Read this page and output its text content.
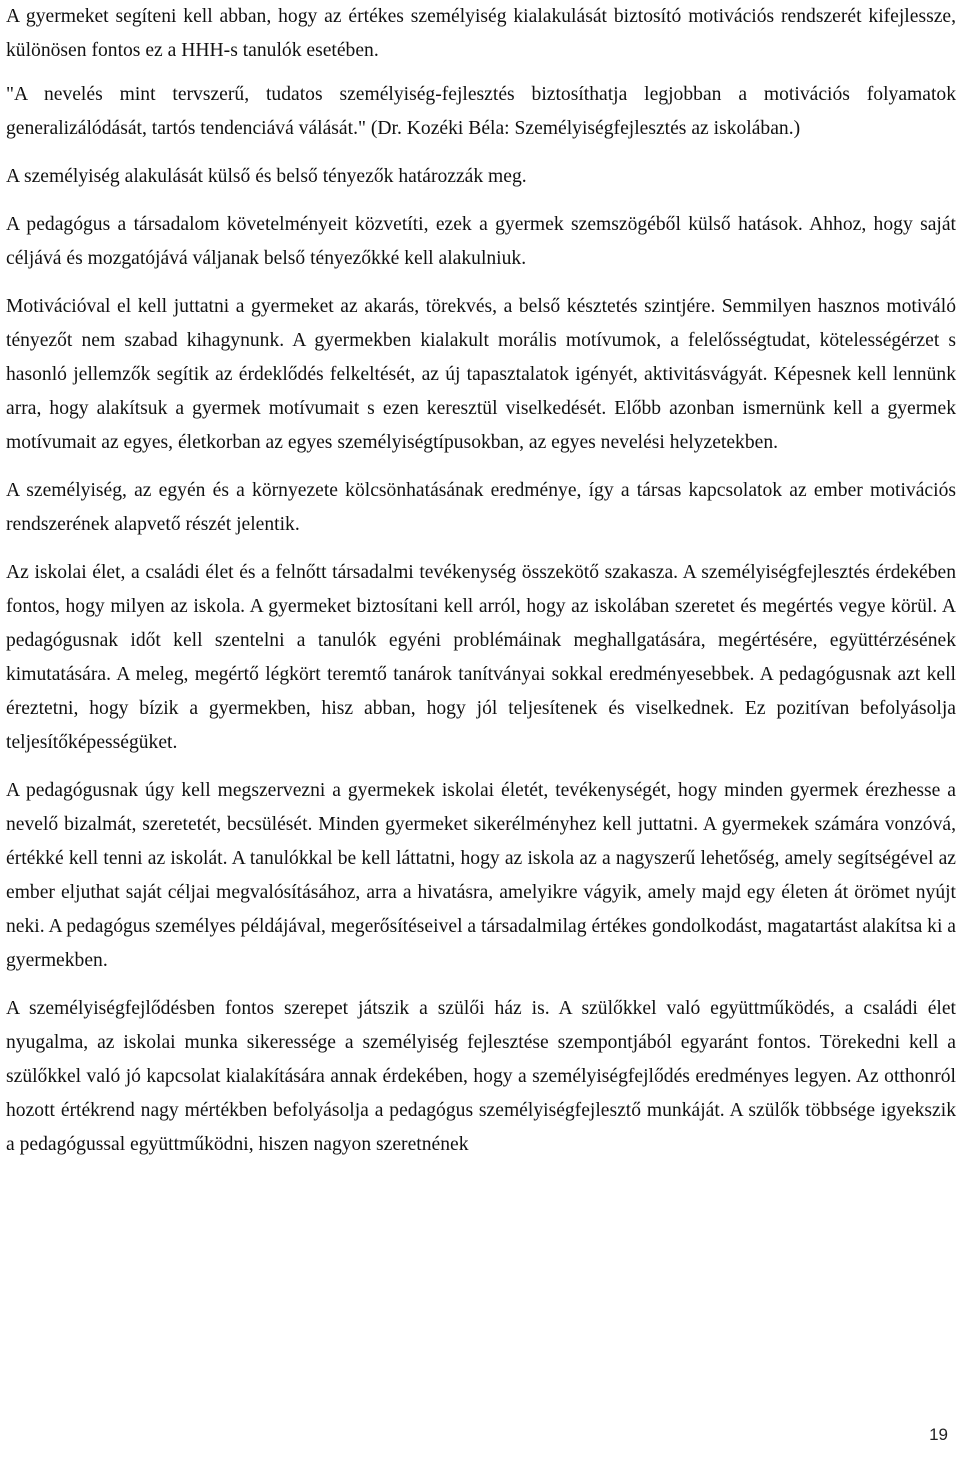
A gyermeket segíteni kell abban, hogy az értékes személyiség kialakulását biztosító motivációs rendszerét kifejlessze, különösen fontos ez a HHH-s tanulók esetében.

"A nevelés mint tervszerű, tudatos személyiség-fejlesztés biztosíthatja legjobban a motivációs folyamatok generalizálódását, tartós tendenciává válását." (Dr. Kozéki Béla: Személyiségfejlesztés az iskolában.)

A személyiség alakulását külső és belső tényezők határozzák meg.

A pedagógus a társadalom követelményeit közvetíti, ezek a gyermek szemszögéből külső hatások. Ahhoz, hogy saját céljává és mozgatójává váljanak belső tényezőkké kell alakulniuk.

Motivációval el kell juttatni a gyermeket az akarás, törekvés, a belső késztetés szintjére. Semmilyen hasznos motiváló tényezőt nem szabad kihagynunk. A gyermekben kialakult morális motívumok, a felelősségtudat, kötelességérzet s hasonló jellemzők segítik az érdeklődés felkeltését, az új tapasztalatok igényét, aktivitásvágyát. Képesnek kell lennünk arra, hogy alakítsuk a gyermek motívumait s ezen keresztül viselkedését. Előbb azonban ismernünk kell a gyermek motívumait az egyes, életkorban az egyes személyiségtípusokban, az egyes nevelési helyzetekben.

A személyiség, az egyén és a környezete kölcsönhatásának eredménye, így a társas kapcsolatok az ember motivációs rendszerének alapvető részét jelentik.

Az iskolai élet, a családi élet és a felnőtt társadalmi tevékenység összekötő szakasza. A személyiségfejlesztés érdekében fontos, hogy milyen az iskola. A gyermeket biztosítani kell arról, hogy az iskolában szeretet és megértés vegye körül. A pedagógusnak időt kell szentelni a tanulók egyéni problémáinak meghallgatására, megértésére, együttérzésének kimutatására. A meleg, megértő légkört teremtő tanárok tanítványai sokkal eredményesebbek. A pedagógusnak azt kell éreztetni, hogy bízik a gyermekben, hisz abban, hogy jól teljesítenek és viselkednek. Ez pozitívan befolyásolja teljesítőképességüket.

A pedagógusnak úgy kell megszervezni a gyermekek iskolai életét, tevékenységét, hogy minden gyermek érezhesse a nevelő bizalmát, szeretetét, becsülését. Minden gyermeket sikerélményhez kell juttatni. A gyermekek számára vonzóvá, értékké kell tenni az iskolát. A tanulókkal be kell láttatni, hogy az iskola az a nagyszerű lehetőség, amely segítségével az ember eljuthat saját céljai megvalósításához, arra a hivatásra, amelyikre vágyik, amely majd egy életen át örömet nyújt neki. A pedagógus személyes példájával, megerősítéseivel a társadalmilag értékes gondolkodást, magatartást alakítsa ki a gyermekben.

A személyiségfejlődésben fontos szerepet játszik a szülői ház is. A szülőkkel való együttműködés, a családi élet nyugalma, az iskolai munka sikeressége a személyiség fejlesztése szempontjából egyaránt fontos. Törekedni kell a szülőkkel való jó kapcsolat kialakítására annak érdekében, hogy a személyiségfejlődés eredményes legyen. Az otthonról hozott értékrend nagy mértékben befolyásolja a pedagógus személyiségfejlesztő munkáját. A szülők többsége igyekszik a pedagógussal együttműködni, hiszen nagyon szeretnének

19
